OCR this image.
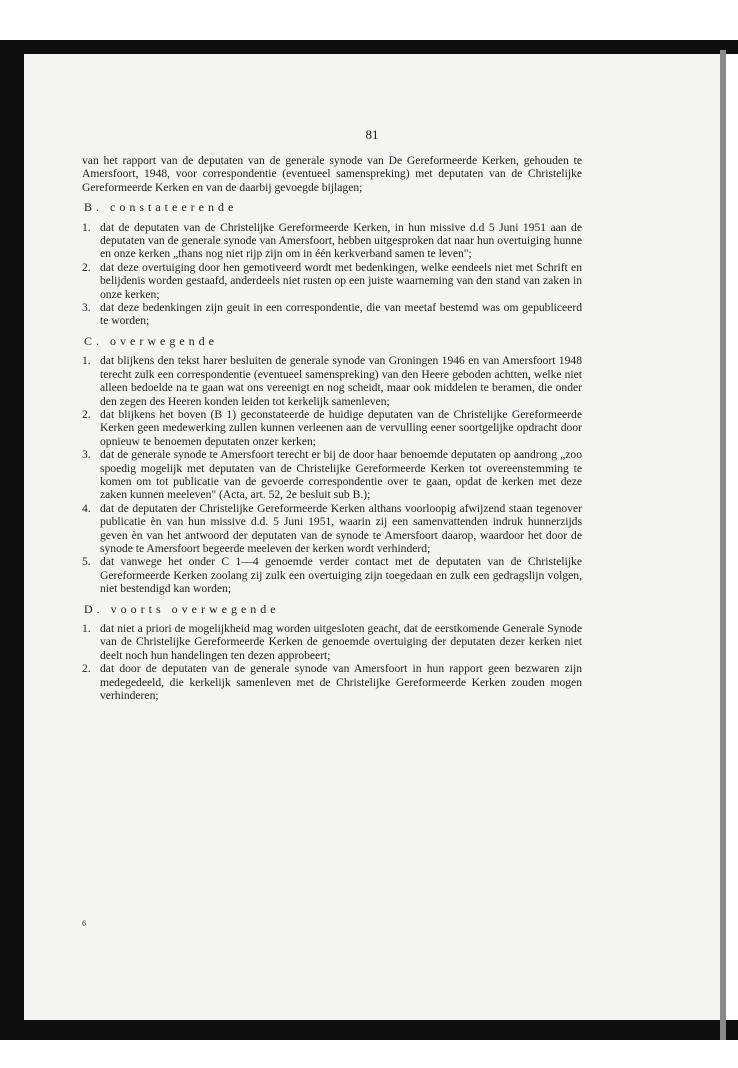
81

van het rapport van de deputaten van de generale synode van De Gereformeerde Kerken, gehouden te Amersfoort, 1948, voor correspondentie (eventueel samenspreking) met deputaten van de Christelijke Gereformeerde Kerken en van de daarbij gevoegde bijlagen;

B. constateerende
1. dat de deputaten van de Christelijke Gereformeerde Kerken, in hun missive d.d 5 Juni 1951 aan de deputaten van de generale synode van Amersfoort, hebben uitgesproken dat naar hun overtuiging hunne en onze kerken „thans nog niet rijp zijn om in één kerkverband samen te leven";
2. dat deze overtuiging door hen gemotiveerd wordt met bedenkingen, welke eendeels niet met Schrift en belijdenis worden gestaafd, anderdeels niet rusten op een juiste waarneming van den stand van zaken in onze kerken;
3. dat deze bedenkingen zijn geuit in een correspondentie, die van meetaf bestemd was om gepubliceerd te worden;
C. overwegende
1. dat blijkens den tekst harer besluiten de generale synode van Groningen 1946 en van Amersfoort 1948 terecht zulk een correspondentie (eventueel samenspreking) van den Heere geboden achtten, welke niet alleen bedoelde na te gaan wat ons vereenigt en nog scheidt, maar ook middelen te beramen, die onder den zegen des Heeren konden leiden tot kerkelijk samenleven;
2. dat blijkens het boven (B 1) geconstateerde de huidige deputaten van de Christelijke Gereformeerde Kerken geen medewerking zullen kunnen verleenen aan de vervulling eener soortgelijke opdracht door opnieuw te benoemen deputaten onzer kerken;
3. dat de generale synode te Amersfoort terecht er bij de door haar benoemde deputaten op aandrong „zoo spoedig mogelijk met deputaten van de Christelijke Gereformeerde Kerken tot overeenstemming te komen om tot publicatie van de gevoerde correspondentie over te gaan, opdat de kerken met deze zaken kunnen meeleven" (Acta, art. 52, 2e besluit sub B.);
4. dat de deputaten der Christelijke Gereformeerde Kerken althans voorloopig afwijzend staan tegenover publicatie èn van hun missive d.d. 5 Juni 1951, waarin zij een samenvattenden indruk hunnerzijds geven èn van het antwoord der deputaten van de synode te Amersfoort daarop, waardoor het door de synode te Amersfoort begeerde meeleven der kerken wordt verhinderd;
5. dat vanwege het onder C 1—4 genoemde verder contact met de deputaten van de Christelijke Gereformeerde Kerken zoolang zij zulk een overtuiging zijn toegedaan en zulk een gedragslijn volgen, niet bestendigd kan worden;
D. voorts overwegende
1. dat niet a priori de mogelijkheid mag worden uitgesloten geacht, dat de eerstkomende Generale Synode van de Christelijke Gereformeerde Kerken de genoemde overtuiging der deputaten dezer kerken niet deelt noch hun handelingen ten dezen approbeert;
2. dat door de deputaten van de generale synode van Amersfoort in hun rapport geen bezwaren zijn medegedeeld, die kerkelijk samenleven met de Christelijke Gereformeerde Kerken zouden mogen verhinderen;
6
